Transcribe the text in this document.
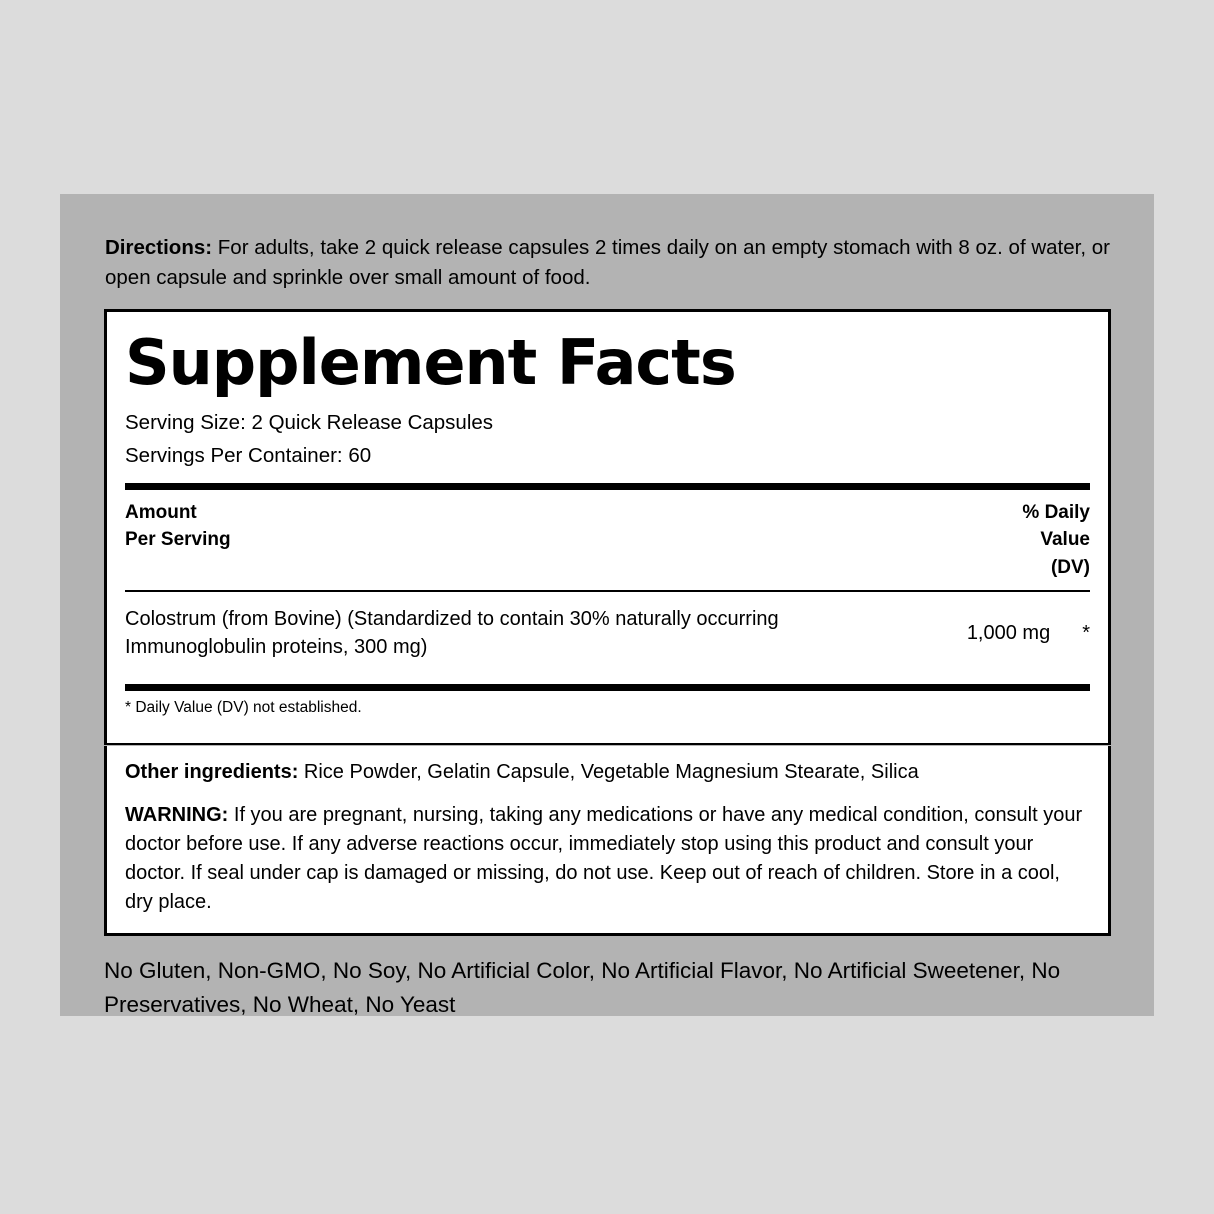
Directions: For adults, take 2 quick release capsules 2 times daily on an empty stomach with 8 oz. of water, or open capsule and sprinkle over small amount of food.
Supplement Facts
Serving Size: 2 Quick Release Capsules
Servings Per Container: 60
Amount
Per Serving
% Daily
Value
(DV)
Colostrum (from Bovine) (Standardized to contain 30% naturally occurring Immunoglobulin proteins, 300 mg)
1,000 mg	*
* Daily Value (DV) not established.
Other ingredients: Rice Powder, Gelatin Capsule, Vegetable Magnesium Stearate, Silica
WARNING: If you are pregnant, nursing, taking any medications or have any medical condition, consult your doctor before use. If any adverse reactions occur, immediately stop using this product and consult your doctor. If seal under cap is damaged or missing, do not use. Keep out of reach of children. Store in a cool, dry place.
No Gluten, Non-GMO, No Soy, No Artificial Color, No Artificial Flavor, No Artificial Sweetener, No Preservatives, No Wheat, No Yeast
